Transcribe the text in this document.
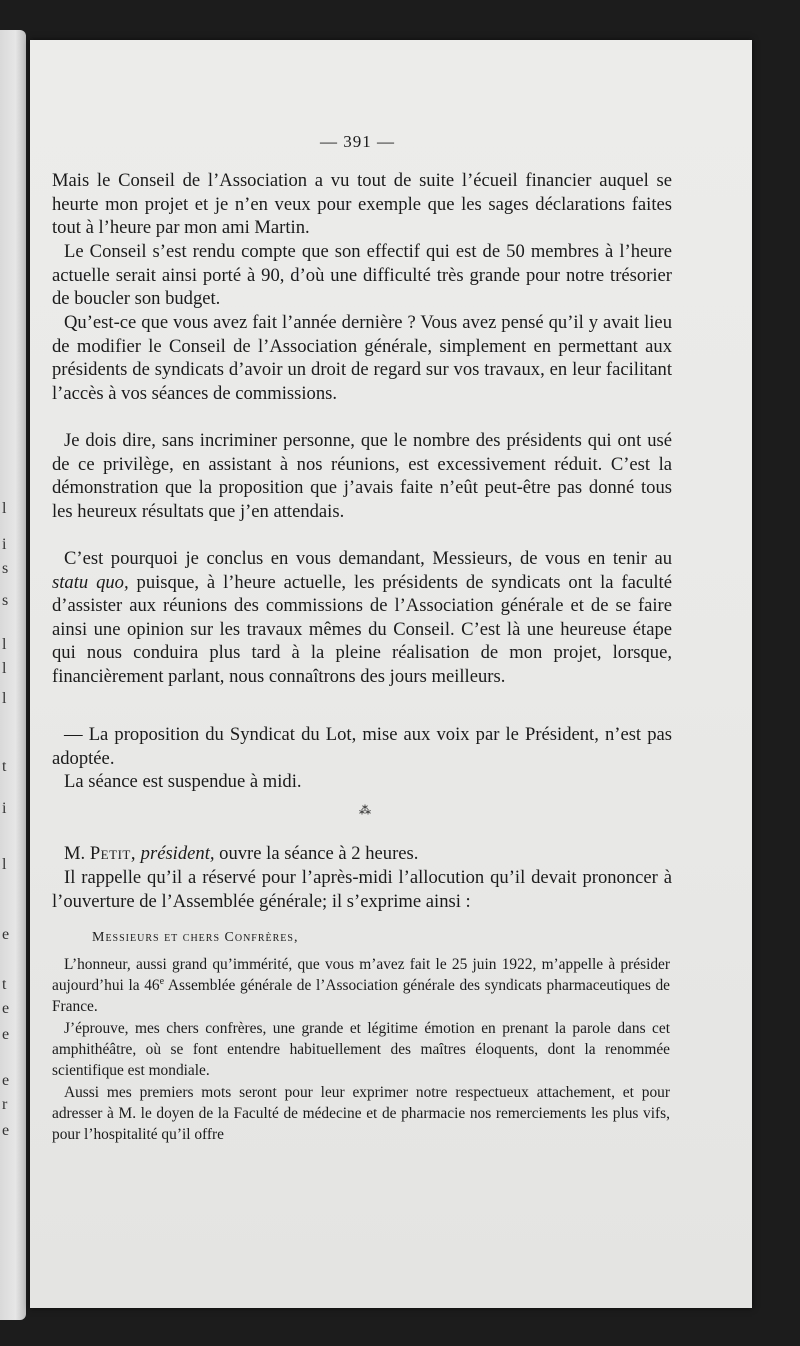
l
i
s
s
l
l
l
t
i
l
e
t
e
e
e
r
e
— 391 —

Mais le Conseil de l’Association a vu tout de suite l’écueil financier auquel se heurte mon projet et je n’en veux pour exemple que les sages déclarations faites tout à l’heure par mon ami Martin.

Le Conseil s’est rendu compte que son effectif qui est de 50 membres à l’heure actuelle serait ainsi porté à 90, d’où une difficulté très grande pour notre trésorier de boucler son budget.

Qu’est-ce que vous avez fait l’année dernière ? Vous avez pensé qu’il y avait lieu de modifier le Conseil de l’Association générale, simplement en permettant aux présidents de syndicats d’avoir un droit de regard sur vos travaux, en leur facilitant l’accès à vos séances de commissions.

Je dois dire, sans incriminer personne, que le nombre des présidents qui ont usé de ce privilège, en assistant à nos réunions, est excessivement réduit. C’est la démonstration que la proposition que j’avais faite n’eût peut-être pas donné tous les heureux résultats que j’en attendais.

C’est pourquoi je conclus en vous demandant, Messieurs, de vous en tenir au statu quo, puisque, à l’heure actuelle, les présidents de syndicats ont la faculté d’assister aux réunions des commissions de l’Association générale et de se faire ainsi une opinion sur les travaux mêmes du Conseil. C’est là une heureuse étape qui nous conduira plus tard à la pleine réalisation de mon projet, lorsque, financièrement parlant, nous connaîtrons des jours meilleurs.

— La proposition du Syndicat du Lot, mise aux voix par le Président, n’est pas adoptée.

La séance est suspendue à midi.

⁂

M. Petit, président, ouvre la séance à 2 heures.

Il rappelle qu’il a réservé pour l’après-midi l’allocution qu’il devait prononcer à l’ouverture de l’Assemblée générale; il s’exprime ainsi :

Messieurs et chers Confrères,

L’honneur, aussi grand qu’immérité, que vous m’avez fait le 25 juin 1922, m’appelle à présider aujourd’hui la 46e Assemblée générale de l’Association générale des syndicats pharmaceutiques de France.

J’éprouve, mes chers confrères, une grande et légitime émotion en prenant la parole dans cet amphithéâtre, où se font entendre habituellement des maîtres éloquents, dont la renommée scientifique est mondiale.

Aussi mes premiers mots seront pour leur exprimer notre respectueux attachement, et pour adresser à M. le doyen de la Faculté de médecine et de pharmacie nos remerciements les plus vifs, pour l’hospitalité qu’il offre
